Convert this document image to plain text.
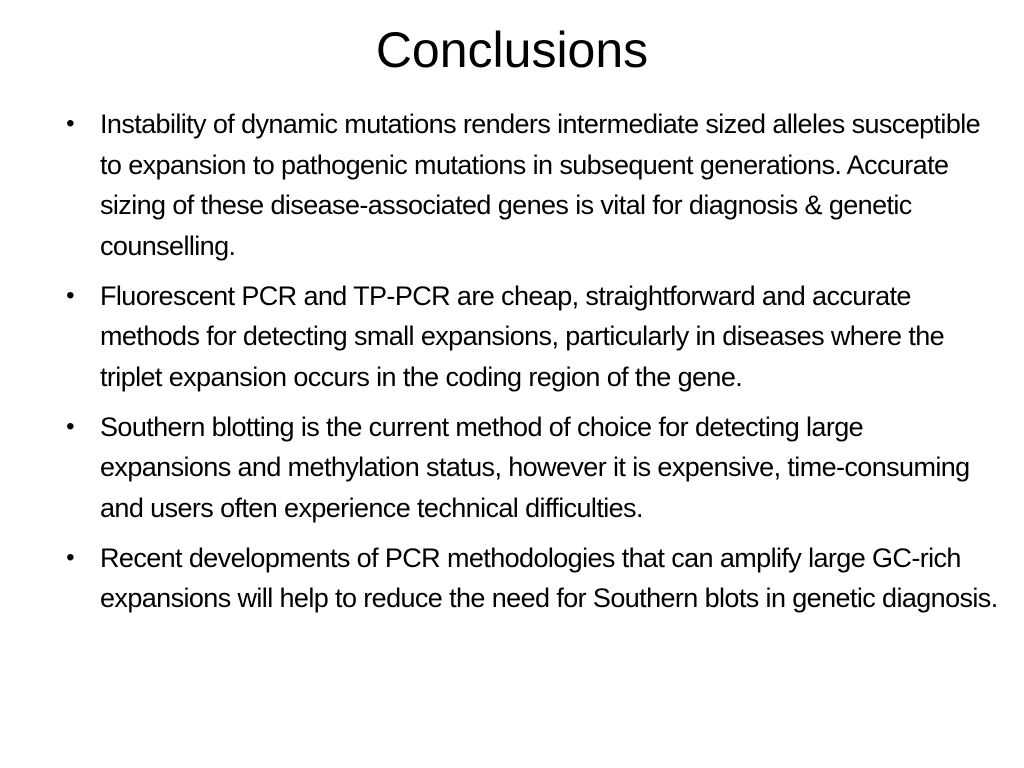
Conclusions
• Instability of dynamic mutations renders intermediate sized alleles susceptible to expansion to pathogenic mutations in subsequent generations. Accurate sizing of these disease-associated genes is vital for diagnosis & genetic counselling.
• Fluorescent PCR and TP-PCR are cheap, straightforward and accurate methods for detecting small expansions, particularly in diseases where the triplet expansion occurs in the coding region of the gene.
• Southern blotting is the current method of choice for detecting large expansions and methylation status, however it is expensive, time-consuming and users often experience technical difficulties.
• Recent developments of PCR methodologies that can amplify large GC-rich expansions will help to reduce the need for Southern blots in genetic diagnosis.
